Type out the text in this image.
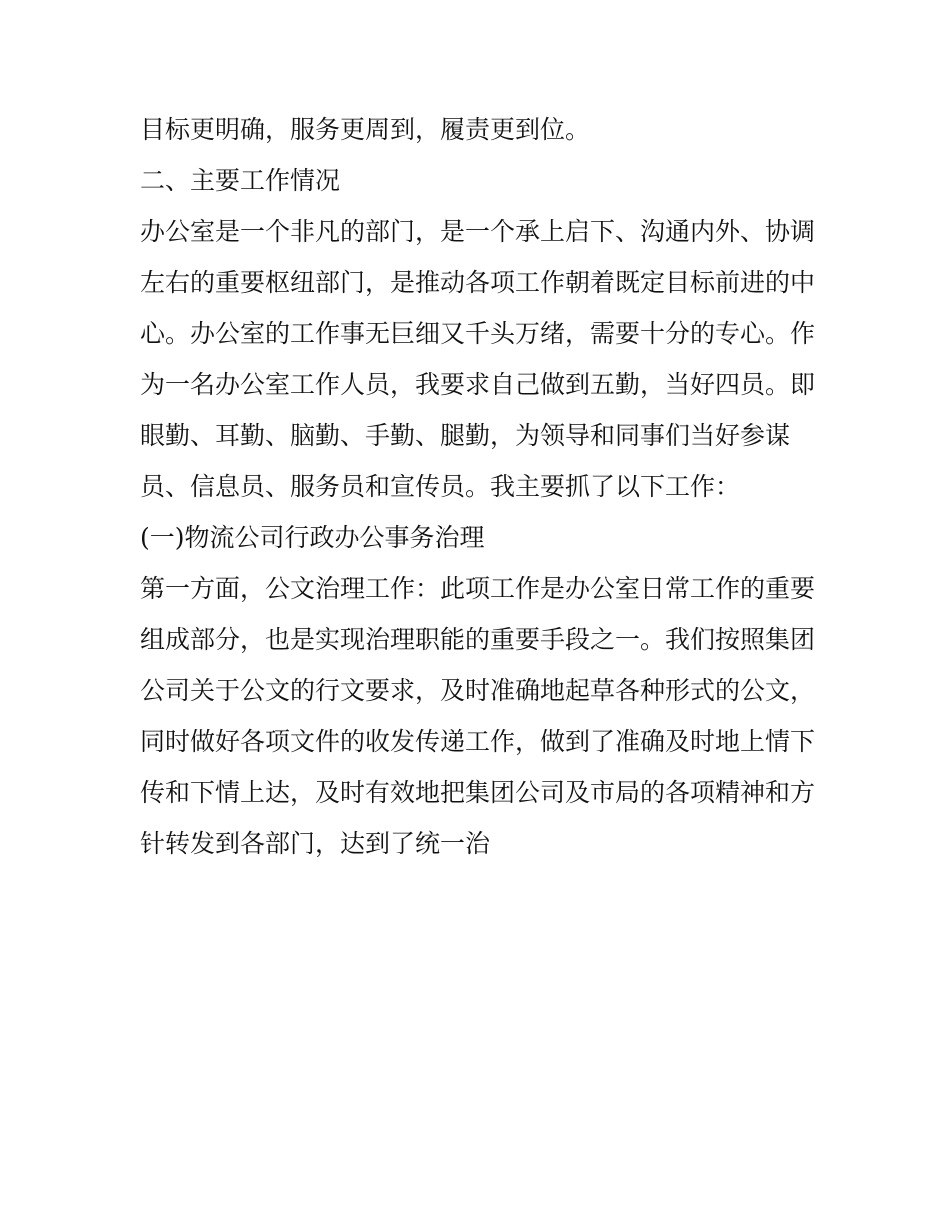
目标更明确，服务更周到，履责更到位。
二、主要工作情况
办公室是一个非凡的部门，是一个承上启下、沟通内外、协调
左右的重要枢纽部门，是推动各项工作朝着既定目标前进的中
心。办公室的工作事无巨细又千头万绪，需要十分的专心。作
为一名办公室工作人员，我要求自己做到五勤，当好四员。即
眼勤、耳勤、脑勤、手勤、腿勤，为领导和同事们当好参谋
员、信息员、服务员和宣传员。我主要抓了以下工作：
(一)物流公司行政办公事务治理
第一方面，公文治理工作：此项工作是办公室日常工作的重要
组成部分，也是实现治理职能的重要手段之一。我们按照集团
公司关于公文的行文要求，及时准确地起草各种形式的公文，
同时做好各项文件的收发传递工作，做到了准确及时地上情下
传和下情上达，及时有效地把集团公司及市局的各项精神和方
针转发到各部门，达到了统一治
